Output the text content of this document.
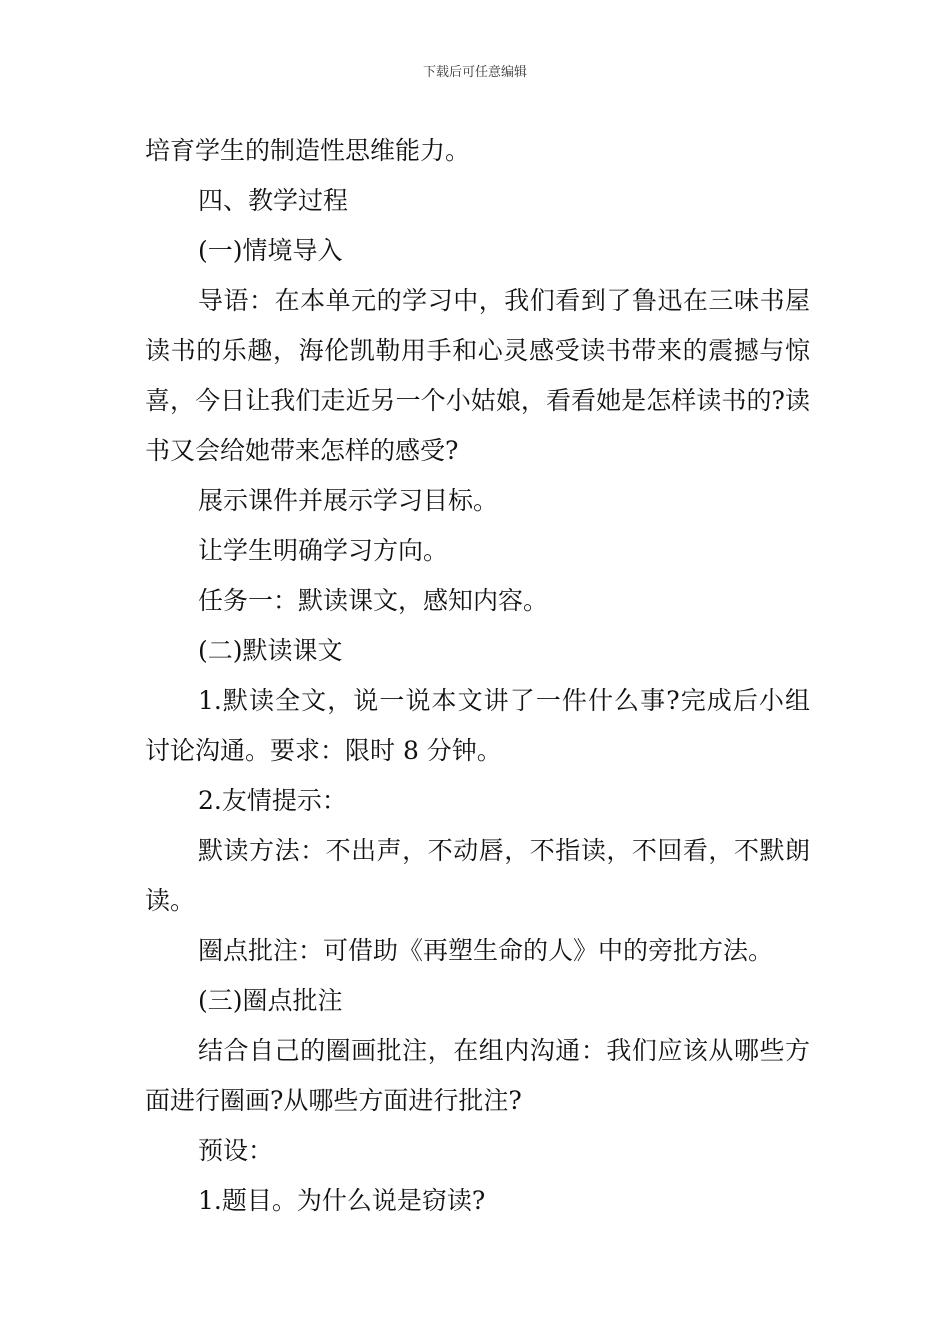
下载后可任意编辑

培育学生的制造性思维能力。

四、教学过程

(一)情境导入

导语：在本单元的学习中，我们看到了鲁迅在三味书屋读书的乐趣，海伦凯勒用手和心灵感受读书带来的震撼与惊喜，今日让我们走近另一个小姑娘，看看她是怎样读书的?读书又会给她带来怎样的感受?

展示课件并展示学习目标。

让学生明确学习方向。

任务一：默读课文，感知内容。

(二)默读课文

1.默读全文，说一说本文讲了一件什么事?完成后小组讨论沟通。要求：限时 8 分钟。

2.友情提示：

默读方法：不出声，不动唇，不指读，不回看，不默朗读。

圈点批注：可借助《再塑生命的人》中的旁批方法。

(三)圈点批注

结合自己的圈画批注，在组内沟通：我们应该从哪些方面进行圈画?从哪些方面进行批注?

预设：

1.题目。为什么说是窃读?
